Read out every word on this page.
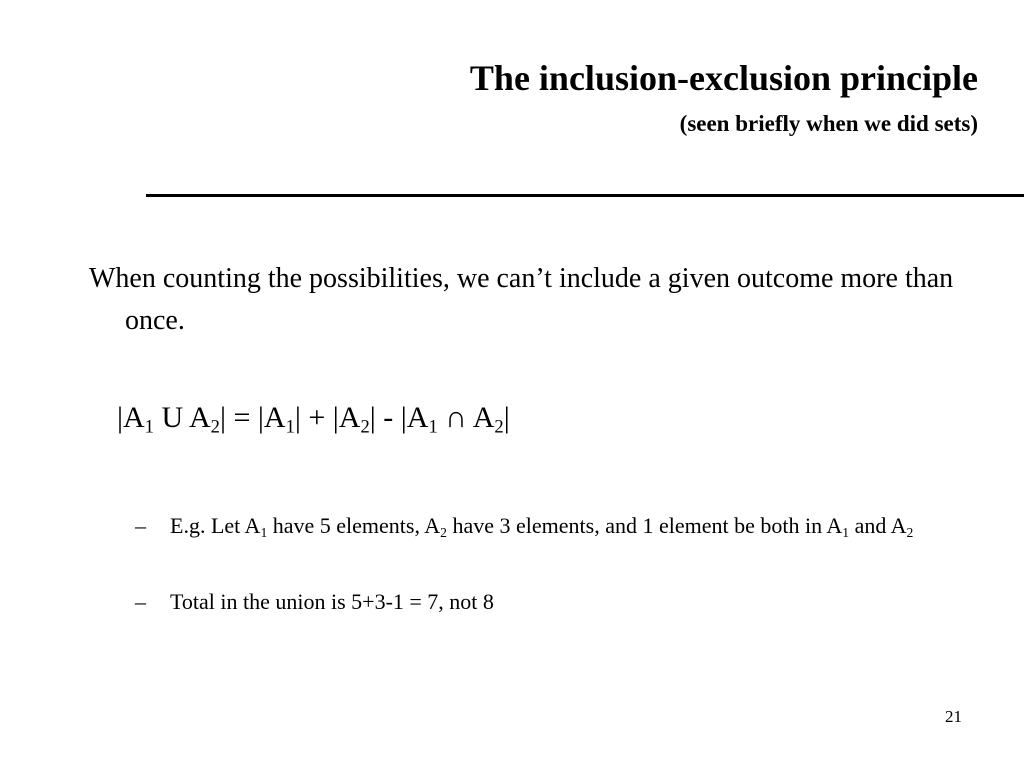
The inclusion-exclusion principle
(seen briefly when we did sets)
When counting the possibilities, we can’t include a given outcome more than once.
$|A_1$ U $A_2| = |A_1| + |A_2| - |A_1$ ∩ $A_2|$
– E.g. Let $A_1$ have 5 elements, $A_2$ have 3 elements, and 1 element be both in $A_1$ and $A_2$
– Total in the union is 5+3-1 = 7, not 8
21
